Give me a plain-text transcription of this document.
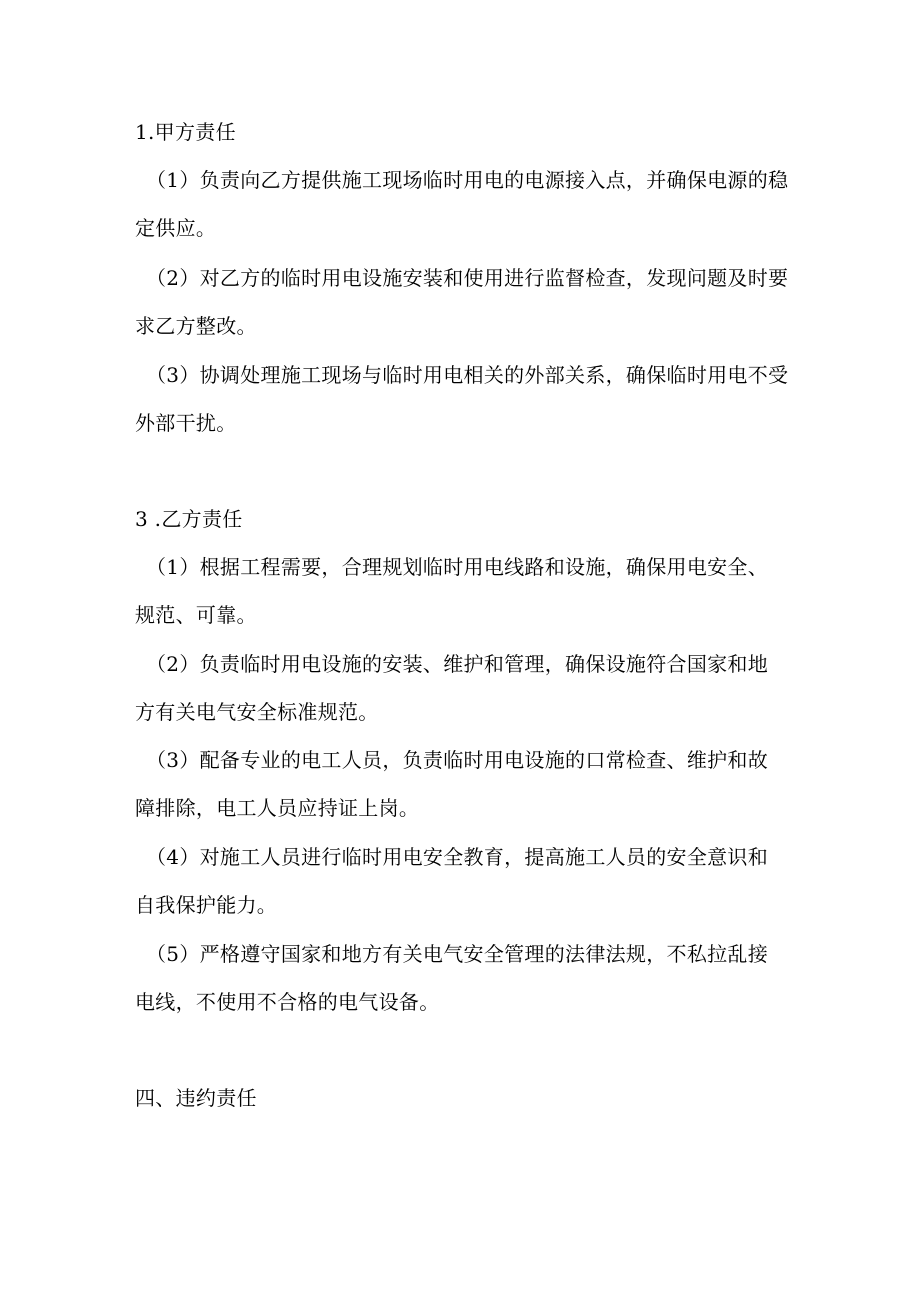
1.甲方责任
（1）负责向乙方提供施工现场临时用电的电源接入点，并确保电源的稳
定供应。
（2）对乙方的临时用电设施安装和使用进行监督检查，发现问题及时要
求乙方整改。
（3）协调处理施工现场与临时用电相关的外部关系，确保临时用电不受
外部干扰。
3 .乙方责任
（1）根据工程需要，合理规划临时用电线路和设施，确保用电安全、
规范、可靠。
（2）负责临时用电设施的安装、维护和管理，确保设施符合国家和地
方有关电气安全标准规范。
（3）配备专业的电工人员，负责临时用电设施的口常检查、维护和故
障排除，电工人员应持证上岗。
（4）对施工人员进行临时用电安全教育，提高施工人员的安全意识和
自我保护能力。
（5）严格遵守国家和地方有关电气安全管理的法律法规，不私拉乱接
电线，不使用不合格的电气设备。
四、违约责任
